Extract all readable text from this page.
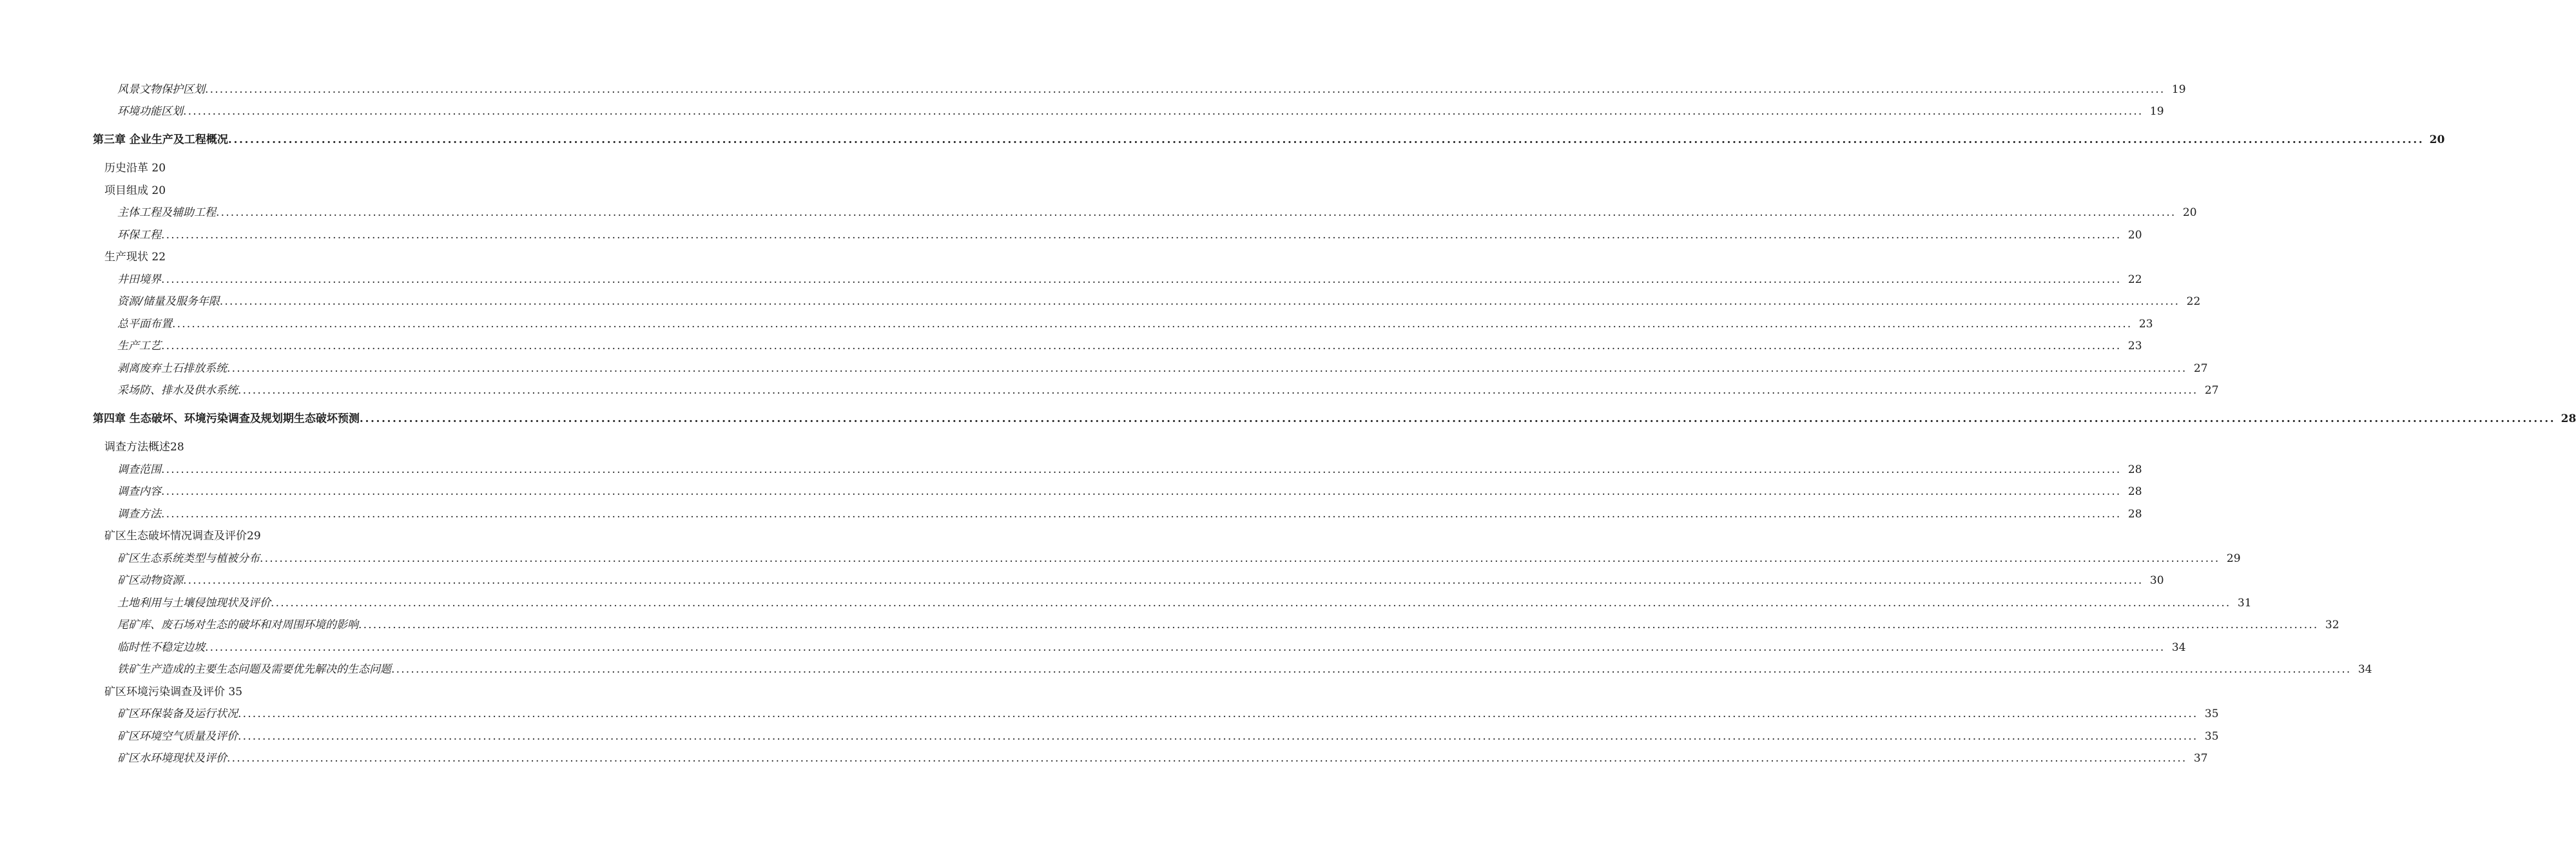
风景文物保护区划 ................................................................................................................................................................................................................................................................................................................................................................................................................ 19
环境功能区划 ................................................................................................................................................................................................................................................................................................................................................................................................................ 19
第三章 企业生产及工程概况 ................................................................................................................................................................................................................................................................................................................................................................................................................ 20
历史沿革 20
项目组成 20
主体工程及辅助工程 ................................................................................................................................................................................................................................................................................................................................................................................................................ 20
环保工程 ................................................................................................................................................................................................................................................................................................................................................................................................................ 20
生产现状 22
井田境界 ................................................................................................................................................................................................................................................................................................................................................................................................................ 22
资源/储量及服务年限 ................................................................................................................................................................................................................................................................................................................................................................................................................ 22
总平面布置 ................................................................................................................................................................................................................................................................................................................................................................................................................ 23
生产工艺 ................................................................................................................................................................................................................................................................................................................................................................................................................ 23
剥离废弃土石排放系统 ................................................................................................................................................................................................................................................................................................................................................................................................................ 27
采场防、排水及供水系统 ................................................................................................................................................................................................................................................................................................................................................................................................................ 27
第四章 生态破坏、环境污染调查及规划期生态破坏预测 ................................................................................................................................................................................................................................................................................................................................................................................................................ 28
调查方法概述28
调查范围 ................................................................................................................................................................................................................................................................................................................................................................................................................ 28
调查内容 ................................................................................................................................................................................................................................................................................................................................................................................................................ 28
调查方法 ................................................................................................................................................................................................................................................................................................................................................................................................................ 28
矿区生态破坏情况调查及评价29
矿区生态系统类型与植被分布 ................................................................................................................................................................................................................................................................................................................................................................................................................ 29
矿区动物资源 ................................................................................................................................................................................................................................................................................................................................................................................................................ 30
土地利用与土壤侵蚀现状及评价 ................................................................................................................................................................................................................................................................................................................................................................................................................ 31
尾矿库、废石场对生态的破坏和对周围环境的影响 ................................................................................................................................................................................................................................................................................................................................................................................................................ 32
临时性不稳定边坡 ................................................................................................................................................................................................................................................................................................................................................................................................................ 34
铁矿生产造成的主要生态问题及需要优先解决的生态问题 ................................................................................................................................................................................................................................................................................................................................................................................................................ 34
矿区环境污染调查及评价 35
矿区环保装备及运行状况 ................................................................................................................................................................................................................................................................................................................................................................................................................ 35
矿区环境空气质量及评价 ................................................................................................................................................................................................................................................................................................................................................................................................................ 35
矿区水环境现状及评价 ................................................................................................................................................................................................................................................................................................................................................................................................................ 37
